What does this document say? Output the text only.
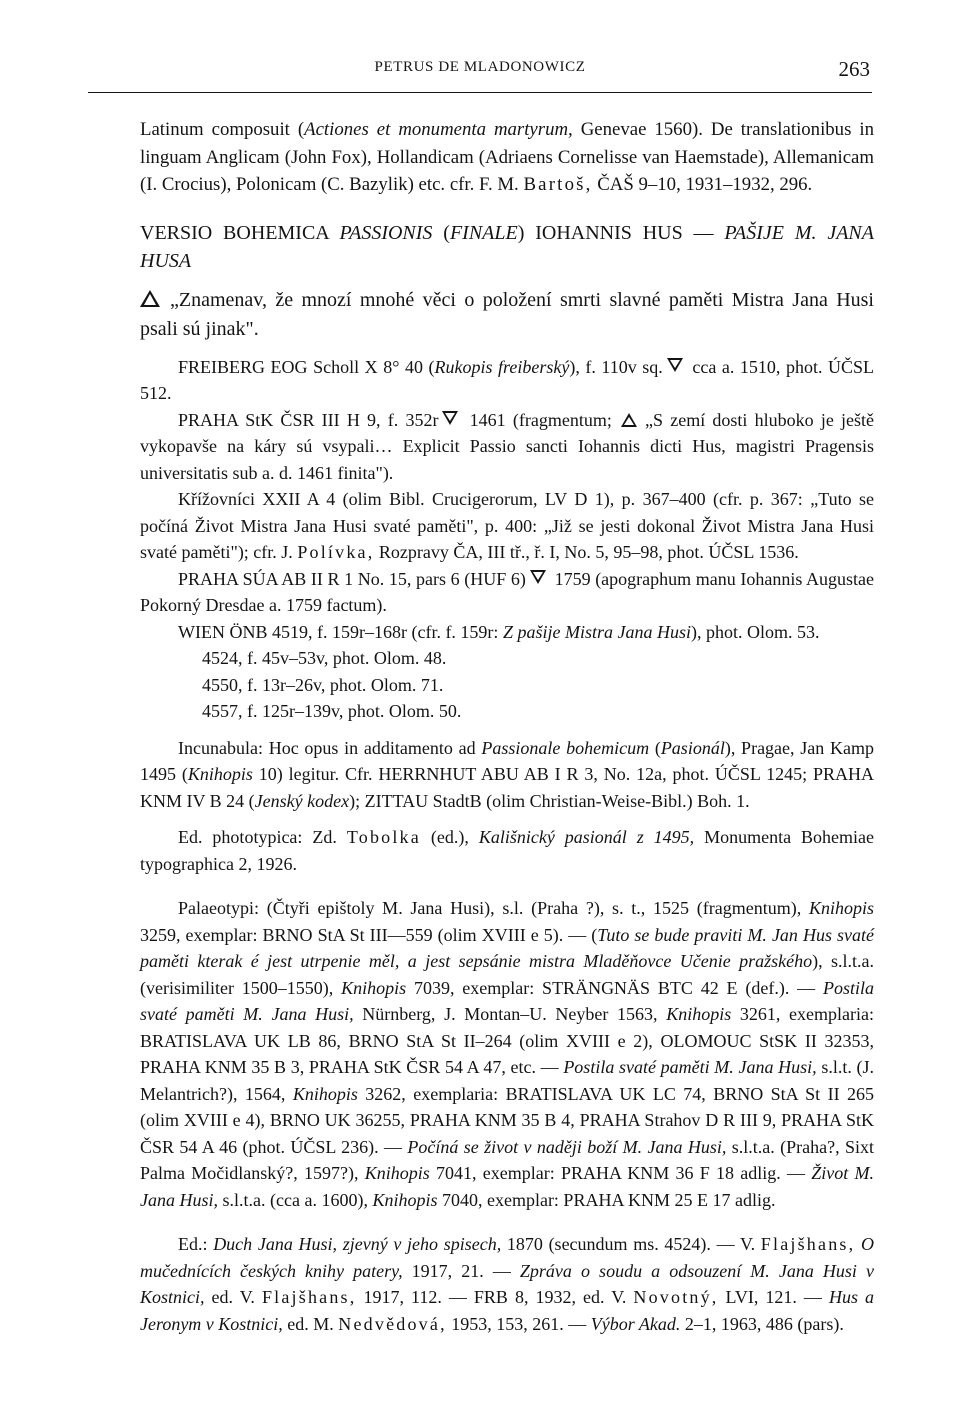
PETRUS DE MLADONOWICZ	263

Latinum composuit (Actiones et monumenta martyrum, Genevae 1560). De translationibus in linguam Anglicam (John Fox), Hollandicam (Adriaens Cornelisse van Haemstade), Allemanicam (I. Crocius), Polonicam (C. Bazylik) etc. cfr. F. M. Bartoš, ČAŠ 9–10, 1931–1932, 296.

VERSIO BOHEMICA PASSIONIS (FINALE) IOHANNIS HUS — PAŠIJE M. JANA HUSA

„Znamenav, že mnozí mnohé věci o položení smrti slavné paměti Mistra Jana Husi psali sú jinak".

FREIBERG EOG Scholl X 8° 40 (Rukopis freiberský), f. 110v sq. cca a. 1510, phot. ÚČSL 512.

PRAHA StK ČSR III H 9, f. 352r 1461 (fragmentum; „S zemí dosti hluboko je ještě vykopavše na káry sú vsypali… Explicit Passio sancti Iohannis dicti Hus, magistri Pragensis universitatis sub a. d. 1461 finita").

Křížovníci XXII A 4 (olim Bibl. Crucigerorum, LV D 1), p. 367–400 (cfr. p. 367: „Tuto se počíná Život Mistra Jana Husi svaté paměti", p. 400: „Již se jesti dokonal Život Mistra Jana Husi svaté paměti"); cfr. J. Polívka, Rozpravy ČA, III tř., ř. I, No. 5, 95–98, phot. ÚČSL 1536.

PRAHA SÚA AB II R 1 No. 15, pars 6 (HUF 6) 1759 (apographum manu Iohannis Augustae Pokorný Dresdae a. 1759 factum).

WIEN ÖNB 4519, f. 159r–168r (cfr. f. 159r: Z pašije Mistra Jana Husi), phot. Olom. 53.

4524, f. 45v–53v, phot. Olom. 48.

4550, f. 13r–26v, phot. Olom. 71.

4557, f. 125r–139v, phot. Olom. 50.

Incunabula: Hoc opus in additamento ad Passionale bohemicum (Pasionál), Pragae, Jan Kamp 1495 (Knihopis 10) legitur. Cfr. HERRNHUT ABU AB I R 3, No. 12a, phot. ÚČSL 1245; PRAHA KNM IV B 24 (Jenský kodex); ZITTAU StadtB (olim Christian-Weise-Bibl.) Boh. 1.

Ed. phototypica: Zd. Tobolka (ed.), Kališnický pasionál z 1495, Monumenta Bohemiae typographica 2, 1926.

Palaeotypi: (Čtyři epištoly M. Jana Husi), s.l. (Praha ?), s. t., 1525 (fragmentum), Knihopis 3259, exemplar: BRNO StA St III—559 (olim XVIII e 5). — (Tuto se bude praviti M. Jan Hus svaté paměti kterak é jest utrpenie měl, a jest sepsánie mistra Mladěňovce Učenie pražského), s.l.t.a. (verisimiliter 1500–1550), Knihopis 7039, exemplar: STRÄNGNÄS BTC 42 E (def.). — Postila svaté paměti M. Jana Husi, Nürnberg, J. Montan–U. Neyber 1563, Knihopis 3261, exemplaria: BRATISLAVA UK LB 86, BRNO StA St II–264 (olim XVIII e 2), OLOMOUC StSK II 32353, PRAHA KNM 35 B 3, PRAHA StK ČSR 54 A 47, etc. — Postila svaté paměti M. Jana Husi, s.l.t. (J. Melantrich?), 1564, Knihopis 3262, exemplaria: BRATISLAVA UK LC 74, BRNO StA St II 265 (olim XVIII e 4), BRNO UK 36255, PRAHA KNM 35 B 4, PRAHA Strahov D R III 9, PRAHA StK ČSR 54 A 46 (phot. ÚČSL 236). — Počíná se život v naději boží M. Jana Husi, s.l.t.a. (Praha?, Sixt Palma Močidlanský?, 1597?), Knihopis 7041, exemplar: PRAHA KNM 36 F 18 adlig. — Život M. Jana Husi, s.l.t.a. (cca a. 1600), Knihopis 7040, exemplar: PRAHA KNM 25 E 17 adlig.

Ed.: Duch Jana Husi, zjevný v jeho spisech, 1870 (secundum ms. 4524). — V. Flajšhans, O mučednících českých knihy patery, 1917, 21. — Zpráva o soudu a odsouzení M. Jana Husi v Kostnici, ed. V. Flajšhans, 1917, 112. — FRB 8, 1932, ed. V. Novotný, LVI, 121. — Hus a Jeronym v Kostnici, ed. M. Nedvědová, 1953, 153, 261. — Výbor Akad. 2–1, 1963, 486 (pars).
